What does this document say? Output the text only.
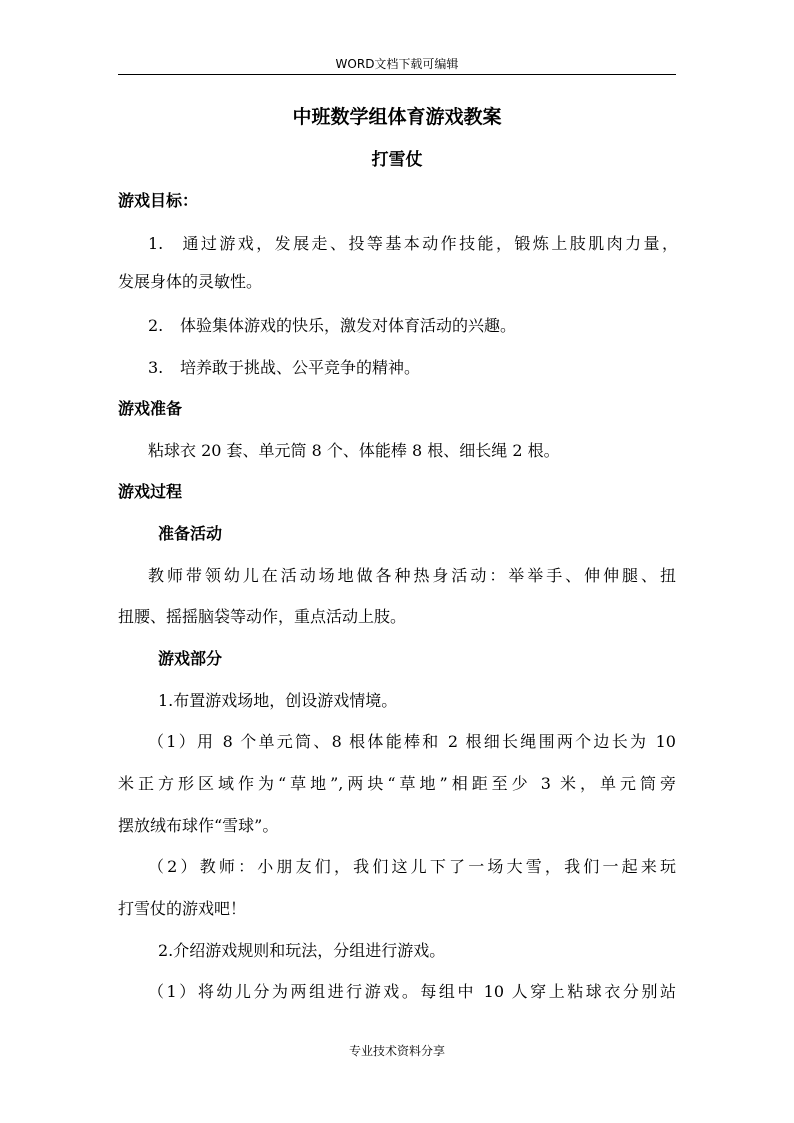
WORD文档下载可编辑

中班数学组体育游戏教案

打雪仗

游戏目标：

1. 通过游戏，发展走、投等基本动作技能，锻炼上肢肌肉力量，

发展身体的灵敏性。

2. 体验集体游戏的快乐，激发对体育活动的兴趣。

3. 培养敢于挑战、公平竞争的精神。

游戏准备

粘球衣 20 套、单元筒 8 个、体能棒 8 根、细长绳 2 根。

游戏过程

准备活动

教师带领幼儿在活动场地做各种热身活动：举举手、伸伸腿、扭

扭腰、摇摇脑袋等动作，重点活动上肢。

游戏部分

1.布置游戏场地，创设游戏情境。

（1）用 8 个单元筒、8 根体能棒和 2 根细长绳围两个边长为 10

米正方形区域作为“草地”,两块“草地”相距至少 3 米，单元筒旁

摆放绒布球作“雪球”。

（2）教师：小朋友们，我们这儿下了一场大雪，我们一起来玩

打雪仗的游戏吧！

2.介绍游戏规则和玩法，分组进行游戏。

（1）将幼儿分为两组进行游戏。每组中 10 人穿上粘球衣分别站

专业技术资料分享
